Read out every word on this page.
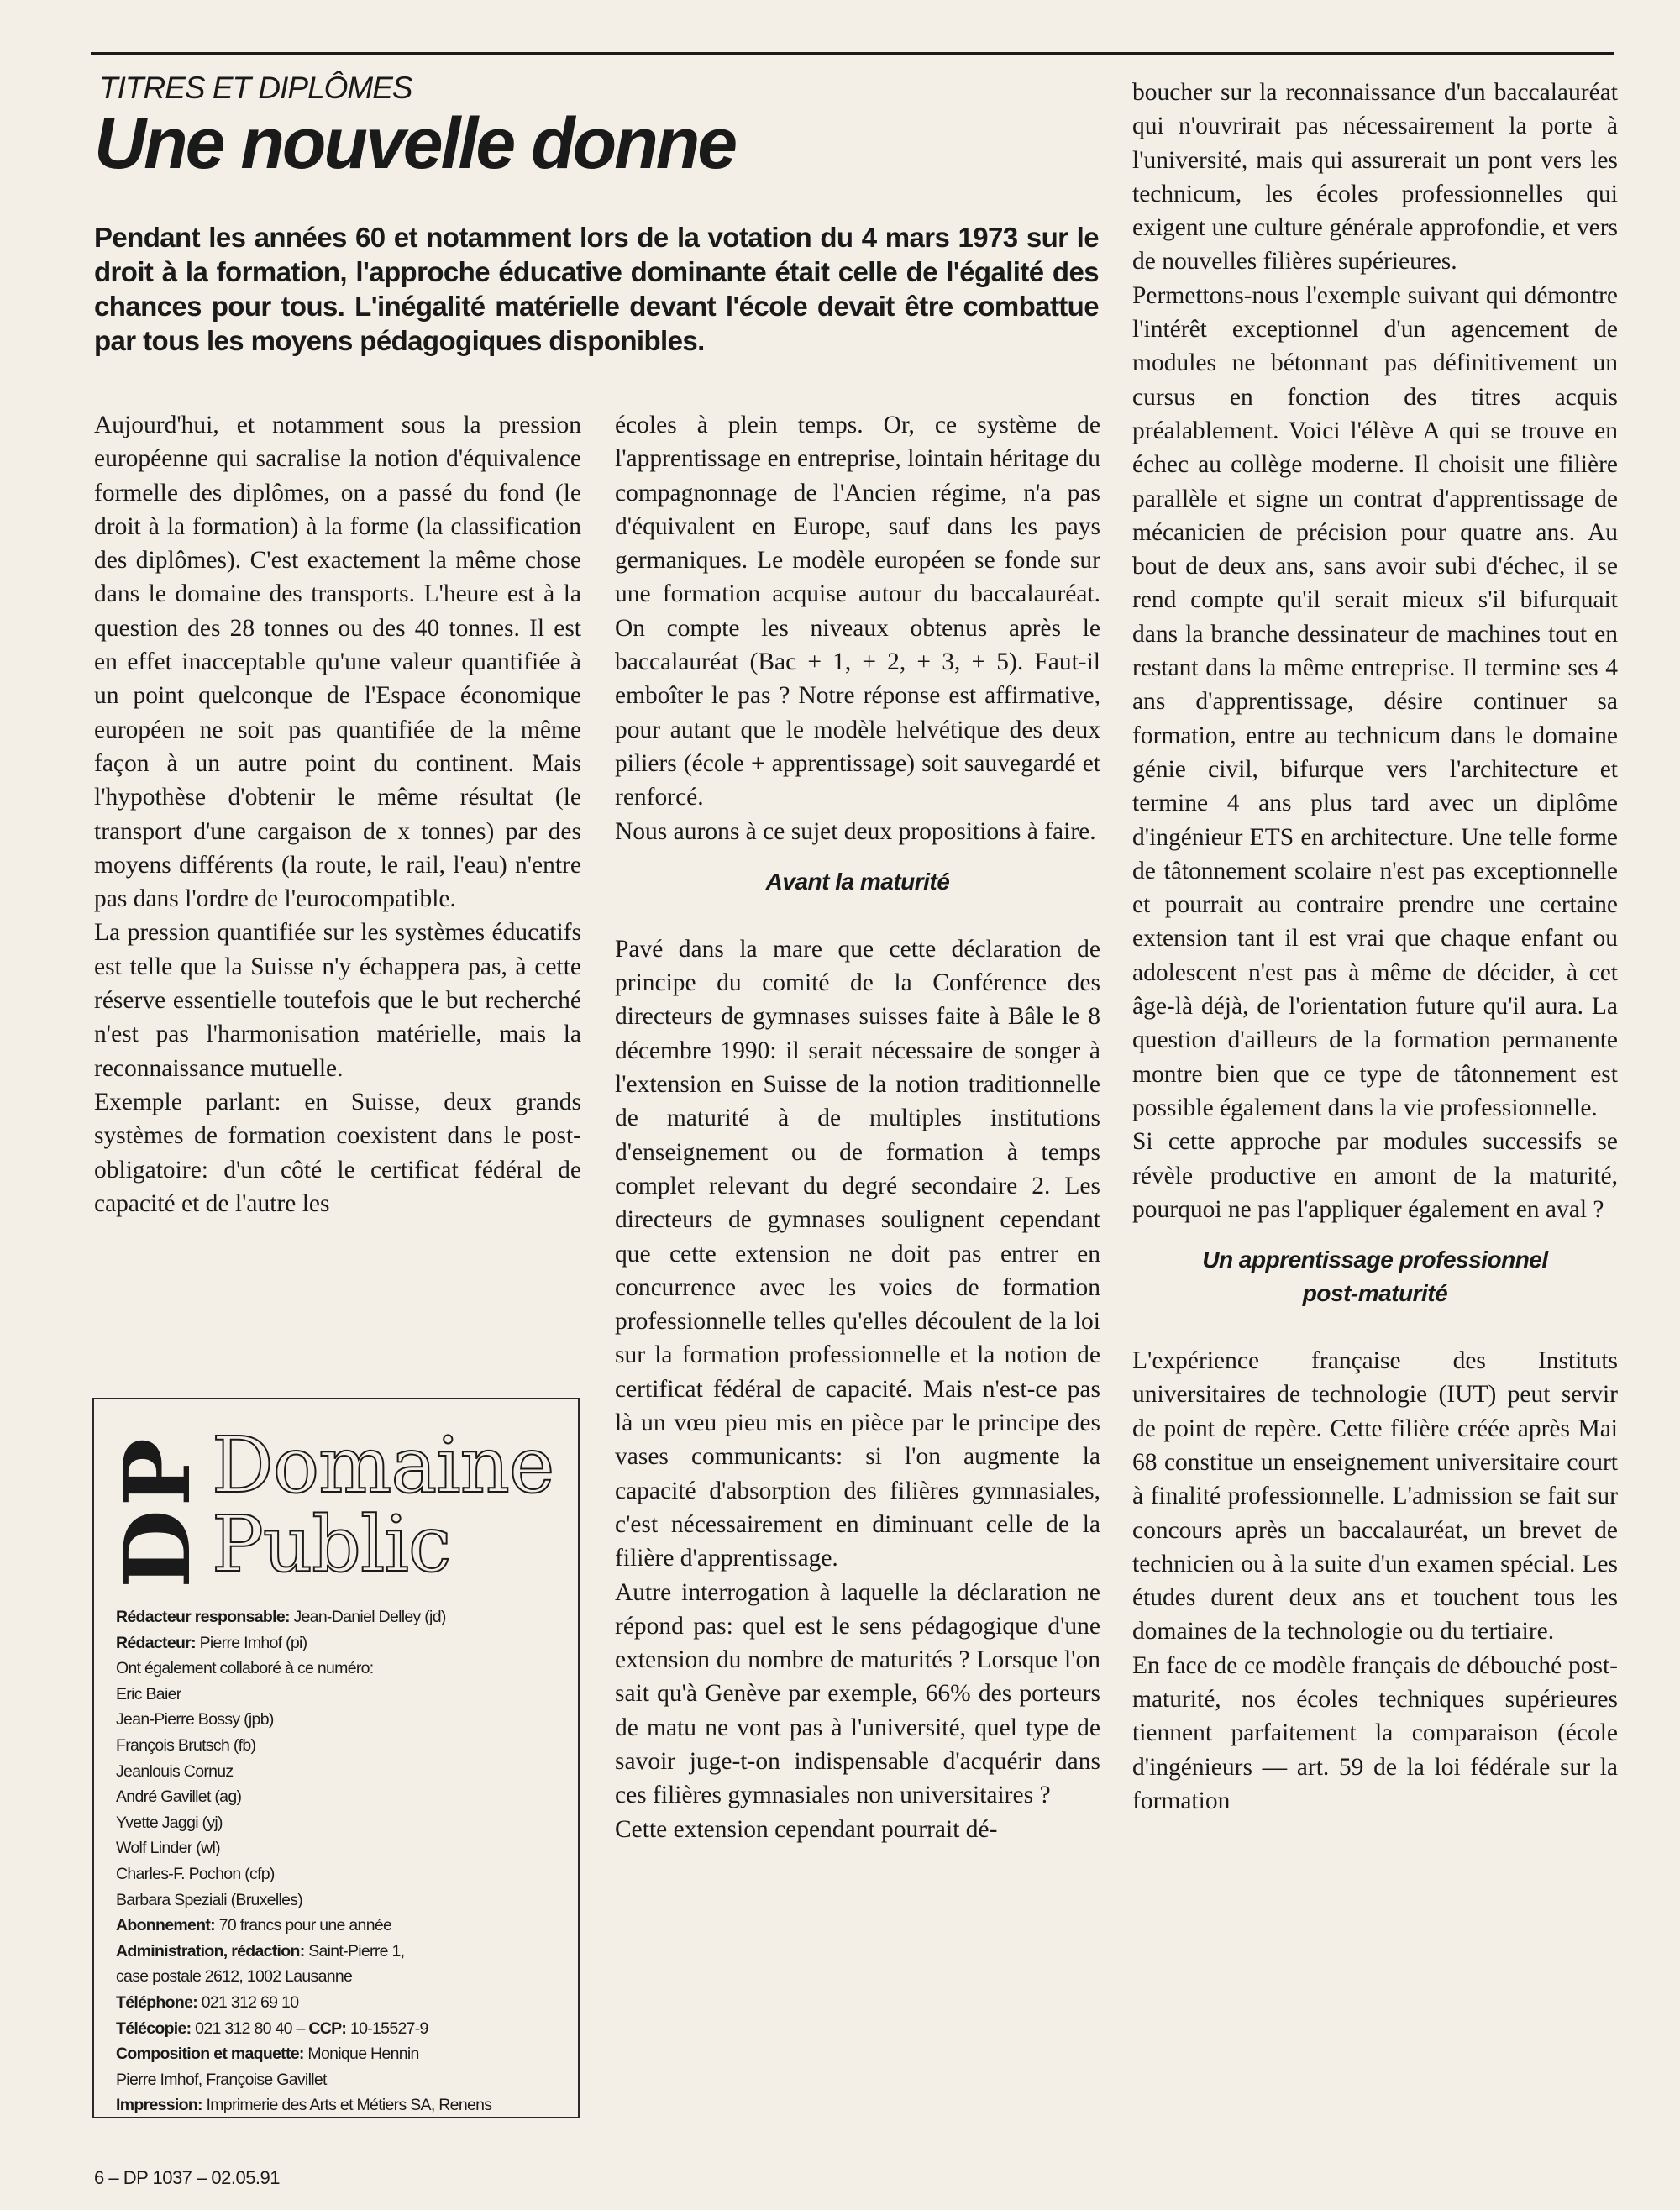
TITRES ET DIPLÔMES
Une nouvelle donne

Pendant les années 60 et notamment lors de la votation du 4 mars 1973 sur le droit à la formation, l'approche éducative dominante était celle de l'égalité des chances pour tous. L'inégalité matérielle devant l'école devait être combattue par tous les moyens pédagogiques disponibles.

Aujourd'hui, et notamment sous la pression européenne qui sacralise la notion d'équivalence formelle des diplômes, on a passé du fond (le droit à la formation) à la forme (la classification des diplômes). C'est exactement la même chose dans le domaine des transports. L'heure est à la question des 28 tonnes ou des 40 tonnes. Il est en effet inacceptable qu'une valeur quantifiée à un point quelconque de l'Espace économique européen ne soit pas quantifiée de la même façon à un autre point du continent. Mais l'hypothèse d'obtenir le même résultat (le transport d'une cargaison de x tonnes) par des moyens différents (la route, le rail, l'eau) n'entre pas dans l'ordre de l'eurocompatible.

La pression quantifiée sur les systèmes éducatifs est telle que la Suisse n'y échappera pas, à cette réserve essentielle toutefois que le but recherché n'est pas l'harmonisation matérielle, mais la reconnaissance mutuelle.

Exemple parlant: en Suisse, deux grands systèmes de formation coexistent dans le post-obligatoire: d'un côté le certificat fédéral de capacité et de l'autre les

écoles à plein temps. Or, ce système de l'apprentissage en entreprise, lointain héritage du compagnonnage de l'Ancien régime, n'a pas d'équivalent en Europe, sauf dans les pays germaniques. Le modèle européen se fonde sur une formation acquise autour du baccalauréat. On compte les niveaux obtenus après le baccalauréat (Bac + 1, + 2, + 3, + 5). Faut-il emboîter le pas ? Notre réponse est affirmative, pour autant que le modèle helvétique des deux piliers (école + apprentissage) soit sauvegardé et renforcé.

Nous aurons à ce sujet deux propositions à faire.

Avant la maturité

Pavé dans la mare que cette déclaration de principe du comité de la Conférence des directeurs de gymnases suisses faite à Bâle le 8 décembre 1990: il serait nécessaire de songer à l'extension en Suisse de la notion traditionnelle de maturité à de multiples institutions d'enseignement ou de formation à temps complet relevant du degré secondaire 2. Les directeurs de gymnases soulignent cependant que cette extension ne doit pas entrer en concurrence avec les voies de formation professionnelle telles qu'elles découlent de la loi sur la formation professionnelle et la notion de certificat fédéral de capacité. Mais n'est-ce pas là un vœu pieu mis en pièce par le principe des vases communicants: si l'on augmente la capacité d'absorption des filières gymnasiales, c'est nécessairement en diminuant celle de la filière d'apprentissage.

Autre interrogation à laquelle la déclaration ne répond pas: quel est le sens pédagogique d'une extension du nombre de maturités ? Lorsque l'on sait qu'à Genève par exemple, 66% des porteurs de matu ne vont pas à l'université, quel type de savoir juge-t-on indispensable d'acquérir dans ces filières gymnasiales non universitaires ?

Cette extension cependant pourrait dé-

boucher sur la reconnaissance d'un baccalauréat qui n'ouvrirait pas nécessairement la porte à l'université, mais qui assurerait un pont vers les technicum, les écoles professionnelles qui exigent une culture générale approfondie, et vers de nouvelles filières supérieures.

Permettons-nous l'exemple suivant qui démontre l'intérêt exceptionnel d'un agencement de modules ne bétonnant pas définitivement un cursus en fonction des titres acquis préalablement. Voici l'élève A qui se trouve en échec au collège moderne. Il choisit une filière parallèle et signe un contrat d'apprentissage de mécanicien de précision pour quatre ans. Au bout de deux ans, sans avoir subi d'échec, il se rend compte qu'il serait mieux s'il bifurquait dans la branche dessinateur de machines tout en restant dans la même entreprise. Il termine ses 4 ans d'apprentissage, désire continuer sa formation, entre au technicum dans le domaine génie civil, bifurque vers l'architecture et termine 4 ans plus tard avec un diplôme d'ingénieur ETS en architecture. Une telle forme de tâtonnement scolaire n'est pas exceptionnelle et pourrait au contraire prendre une certaine extension tant il est vrai que chaque enfant ou adolescent n'est pas à même de décider, à cet âge-là déjà, de l'orientation future qu'il aura. La question d'ailleurs de la formation permanente montre bien que ce type de tâtonnement est possible également dans la vie professionnelle.

Si cette approche par modules successifs se révèle productive en amont de la maturité, pourquoi ne pas l'appliquer également en aval ?

Un apprentissage professionnel
post-maturité

L'expérience française des Instituts universitaires de technologie (IUT) peut servir de point de repère. Cette filière créée après Mai 68 constitue un enseignement universitaire court à finalité professionnelle. L'admission se fait sur concours après un baccalauréat, un brevet de technicien ou à la suite d'un examen spécial. Les études durent deux ans et touchent tous les domaines de la technologie ou du tertiaire.

En face de ce modèle français de débouché post-maturité, nos écoles techniques supérieures tiennent parfaitement la comparaison (école d'ingénieurs — art. 59 de la loi fédérale sur la formation

DP Domaine
Public
Rédacteur responsable: Jean-Daniel Delley (jd)
Rédacteur: Pierre Imhof (pi)
Ont également collaboré à ce numéro:
Eric Baier
Jean-Pierre Bossy (jpb)
François Brutsch (fb)
Jeanlouis Cornuz
André Gavillet (ag)
Yvette Jaggi (yj)
Wolf Linder (wl)
Charles-F. Pochon (cfp)
Barbara Speziali (Bruxelles)
Abonnement: 70 francs pour une année
Administration, rédaction: Saint-Pierre 1,
case postale 2612, 1002 Lausanne
Téléphone: 021 312 69 10
Télécopie: 021 312 80 40 – CCP: 10-15527-9
Composition et maquette: Monique Hennin
Pierre Imhof, Françoise Gavillet
Impression: Imprimerie des Arts et Métiers SA, Renens
6 – DP 1037 – 02.05.91
